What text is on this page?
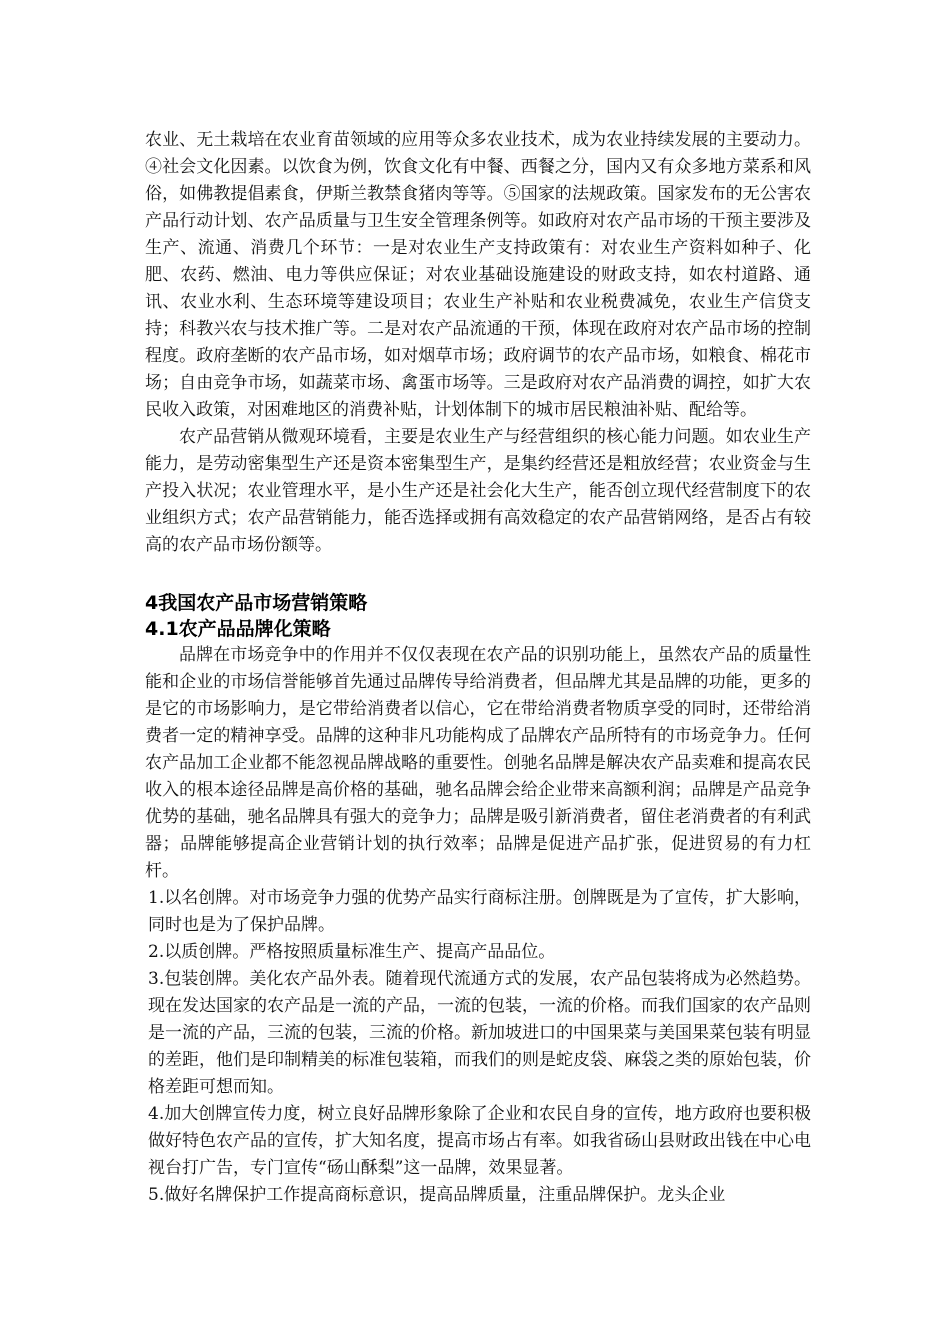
农业、无土栽培在农业育苗领域的应用等众多农业技术，成为农业持续发展的主要动力。④社会文化因素。以饮食为例，饮食文化有中餐、西餐之分，国内又有众多地方菜系和风俗，如佛教提倡素食，伊斯兰教禁食猪肉等等。⑤国家的法规政策。国家发布的无公害农产品行动计划、农产品质量与卫生安全管理条例等。如政府对农产品市场的干预主要涉及生产、流通、消费几个环节：一是对农业生产支持政策有：对农业生产资料如种子、化肥、农药、燃油、电力等供应保证；对农业基础设施建设的财政支持，如农村道路、通讯、农业水利、生态环境等建设项目；农业生产补贴和农业税费减免，农业生产信贷支持；科教兴农与技术推广等。二是对农产品流通的干预，体现在政府对农产品市场的控制程度。政府垄断的农产品市场，如对烟草市场；政府调节的农产品市场，如粮食、棉花市场；自由竞争市场，如蔬菜市场、禽蛋市场等。三是政府对农产品消费的调控，如扩大农民收入政策，对困难地区的消费补贴，计划体制下的城市居民粮油补贴、配给等。

农产品营销从微观环境看，主要是农业生产与经营组织的核心能力问题。如农业生产能力，是劳动密集型生产还是资本密集型生产，是集约经营还是粗放经营；农业资金与生产投入状况；农业管理水平，是小生产还是社会化大生产，能否创立现代经营制度下的农业组织方式；农产品营销能力，能否选择或拥有高效稳定的农产品营销网络，是否占有较高的农产品市场份额等。

4我国农产品市场营销策略
4.1农产品品牌化策略

品牌在市场竞争中的作用并不仅仅表现在农产品的识别功能上，虽然农产品的质量性能和企业的市场信誉能够首先通过品牌传导给消费者，但品牌尤其是品牌的功能，更多的是它的市场影响力，是它带给消费者以信心，它在带给消费者物质享受的同时，还带给消费者一定的精神享受。品牌的这种非凡功能构成了品牌农产品所特有的市场竞争力。任何农产品加工企业都不能忽视品牌战略的重要性。创驰名品牌是解决农产品卖难和提高农民收入的根本途径品牌是高价格的基础，驰名品牌会给企业带来高额利润；品牌是产品竞争优势的基础，驰名品牌具有强大的竞争力；品牌是吸引新消费者，留住老消费者的有利武器；品牌能够提高企业营销计划的执行效率；品牌是促进产品扩张，促进贸易的有力杠杆。

1.以名创牌。对市场竞争力强的优势产品实行商标注册。创牌既是为了宣传，扩大影响，同时也是为了保护品牌。

2.以质创牌。严格按照质量标准生产、提高产品品位。

3.包装创牌。美化农产品外表。随着现代流通方式的发展，农产品包装将成为必然趋势。现在发达国家的农产品是一流的产品，一流的包装，一流的价格。而我们国家的农产品则是一流的产品，三流的包装，三流的价格。新加坡进口的中国果菜与美国果菜包装有明显的差距，他们是印制精美的标准包装箱，而我们的则是蛇皮袋、麻袋之类的原始包装，价格差距可想而知。

4.加大创牌宣传力度，树立良好品牌形象除了企业和农民自身的宣传，地方政府也要积极做好特色农产品的宣传，扩大知名度，提高市场占有率。如我省砀山县财政出钱在中心电视台打广告，专门宣传“砀山酥梨”这一品牌，效果显著。

5.做好名牌保护工作提高商标意识，提高品牌质量，注重品牌保护。龙头企业
